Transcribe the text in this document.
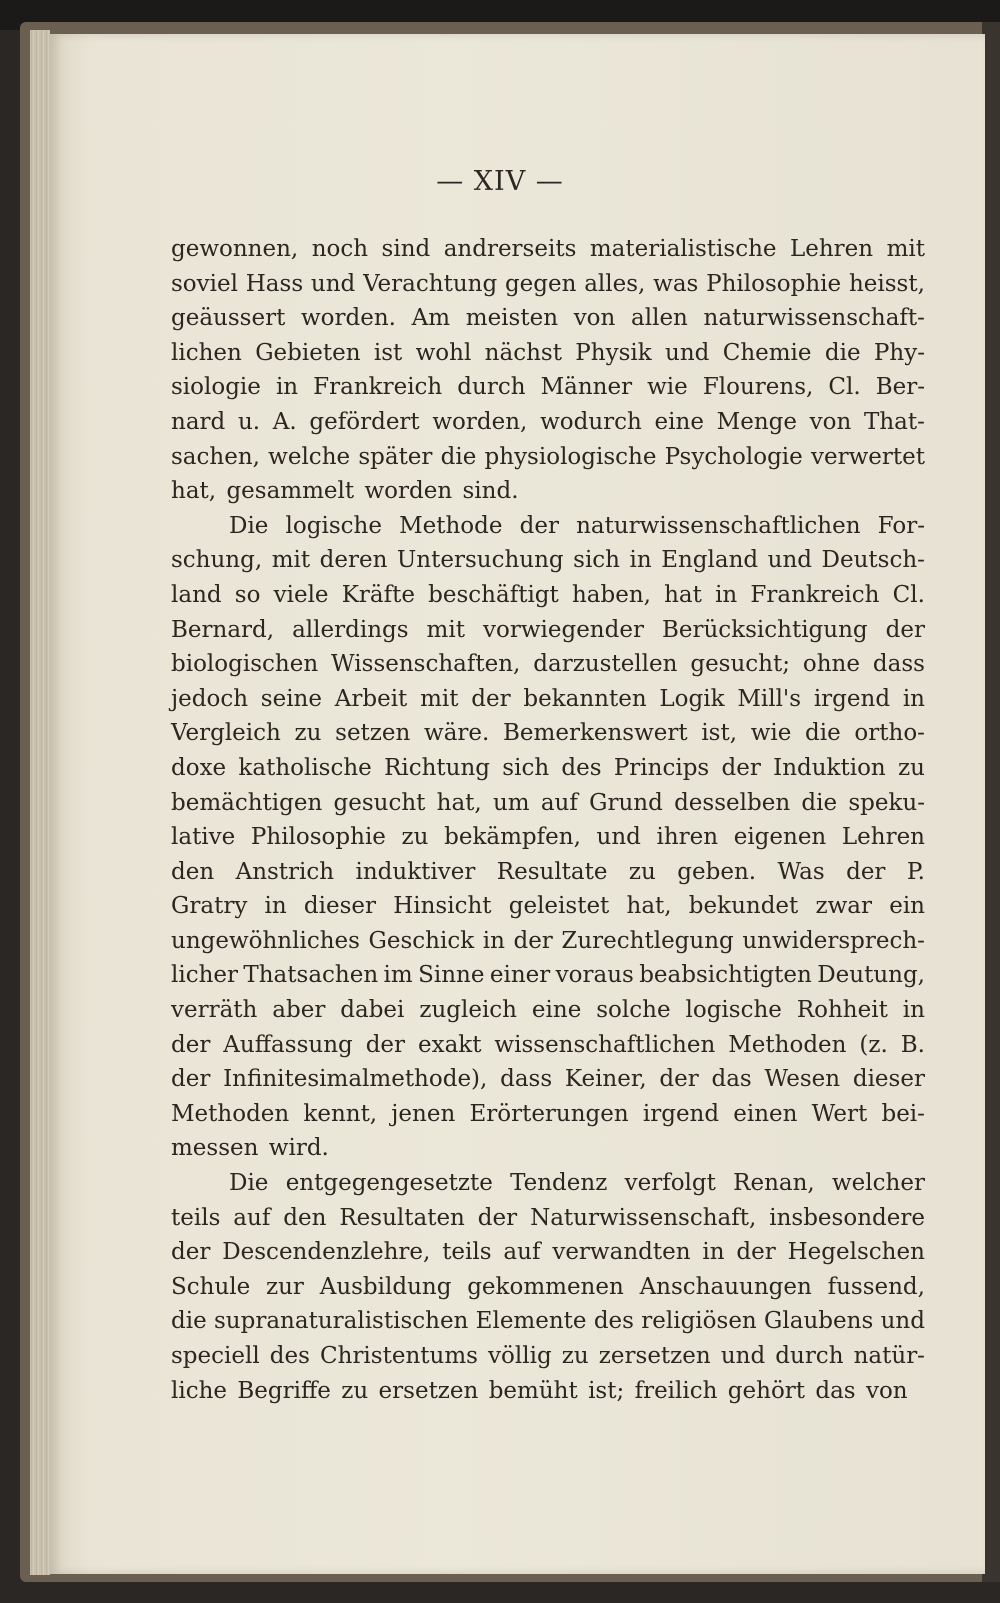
— XIV —
gewonnen, noch sind andrerseits materialistische Lehren mit
soviel Hass und Verachtung gegen alles, was Philosophie heisst,
geäussert worden. Am meisten von allen naturwissenschaft-
lichen Gebieten ist wohl nächst Physik und Chemie die Phy-
siologie in Frankreich durch Männer wie Flourens, Cl. Ber-
nard u. A. gefördert worden, wodurch eine Menge von That-
sachen, welche später die physiologische Psychologie verwertet
hat, gesammelt worden sind.
Die logische Methode der naturwissenschaftlichen For-
schung, mit deren Untersuchung sich in England und Deutsch-
land so viele Kräfte beschäftigt haben, hat in Frankreich Cl.
Bernard, allerdings mit vorwiegender Berücksichtigung der
biologischen Wissenschaften, darzustellen gesucht; ohne dass
jedoch seine Arbeit mit der bekannten Logik Mill's irgend in
Vergleich zu setzen wäre. Bemerkenswert ist, wie die ortho-
doxe katholische Richtung sich des Princips der Induktion zu
bemächtigen gesucht hat, um auf Grund desselben die speku-
lative Philosophie zu bekämpfen, und ihren eigenen Lehren
den Anstrich induktiver Resultate zu geben. Was der P.
Gratry in dieser Hinsicht geleistet hat, bekundet zwar ein
ungewöhnliches Geschick in der Zurechtlegung unwidersprech-
licher Thatsachen im Sinne einer voraus beabsichtigten Deutung,
verräth aber dabei zugleich eine solche logische Rohheit in
der Auffassung der exakt wissenschaftlichen Methoden (z. B.
der Infinitesimalmethode), dass Keiner, der das Wesen dieser
Methoden kennt, jenen Erörterungen irgend einen Wert bei-
messen wird.
Die entgegengesetzte Tendenz verfolgt Renan, welcher
teils auf den Resultaten der Naturwissenschaft, insbesondere
der Descendenzlehre, teils auf verwandten in der Hegelschen
Schule zur Ausbildung gekommenen Anschauungen fussend,
die supranaturalistischen Elemente des religiösen Glaubens und
speciell des Christentums völlig zu zersetzen und durch natür-
liche Begriffe zu ersetzen bemüht ist; freilich gehört das von
